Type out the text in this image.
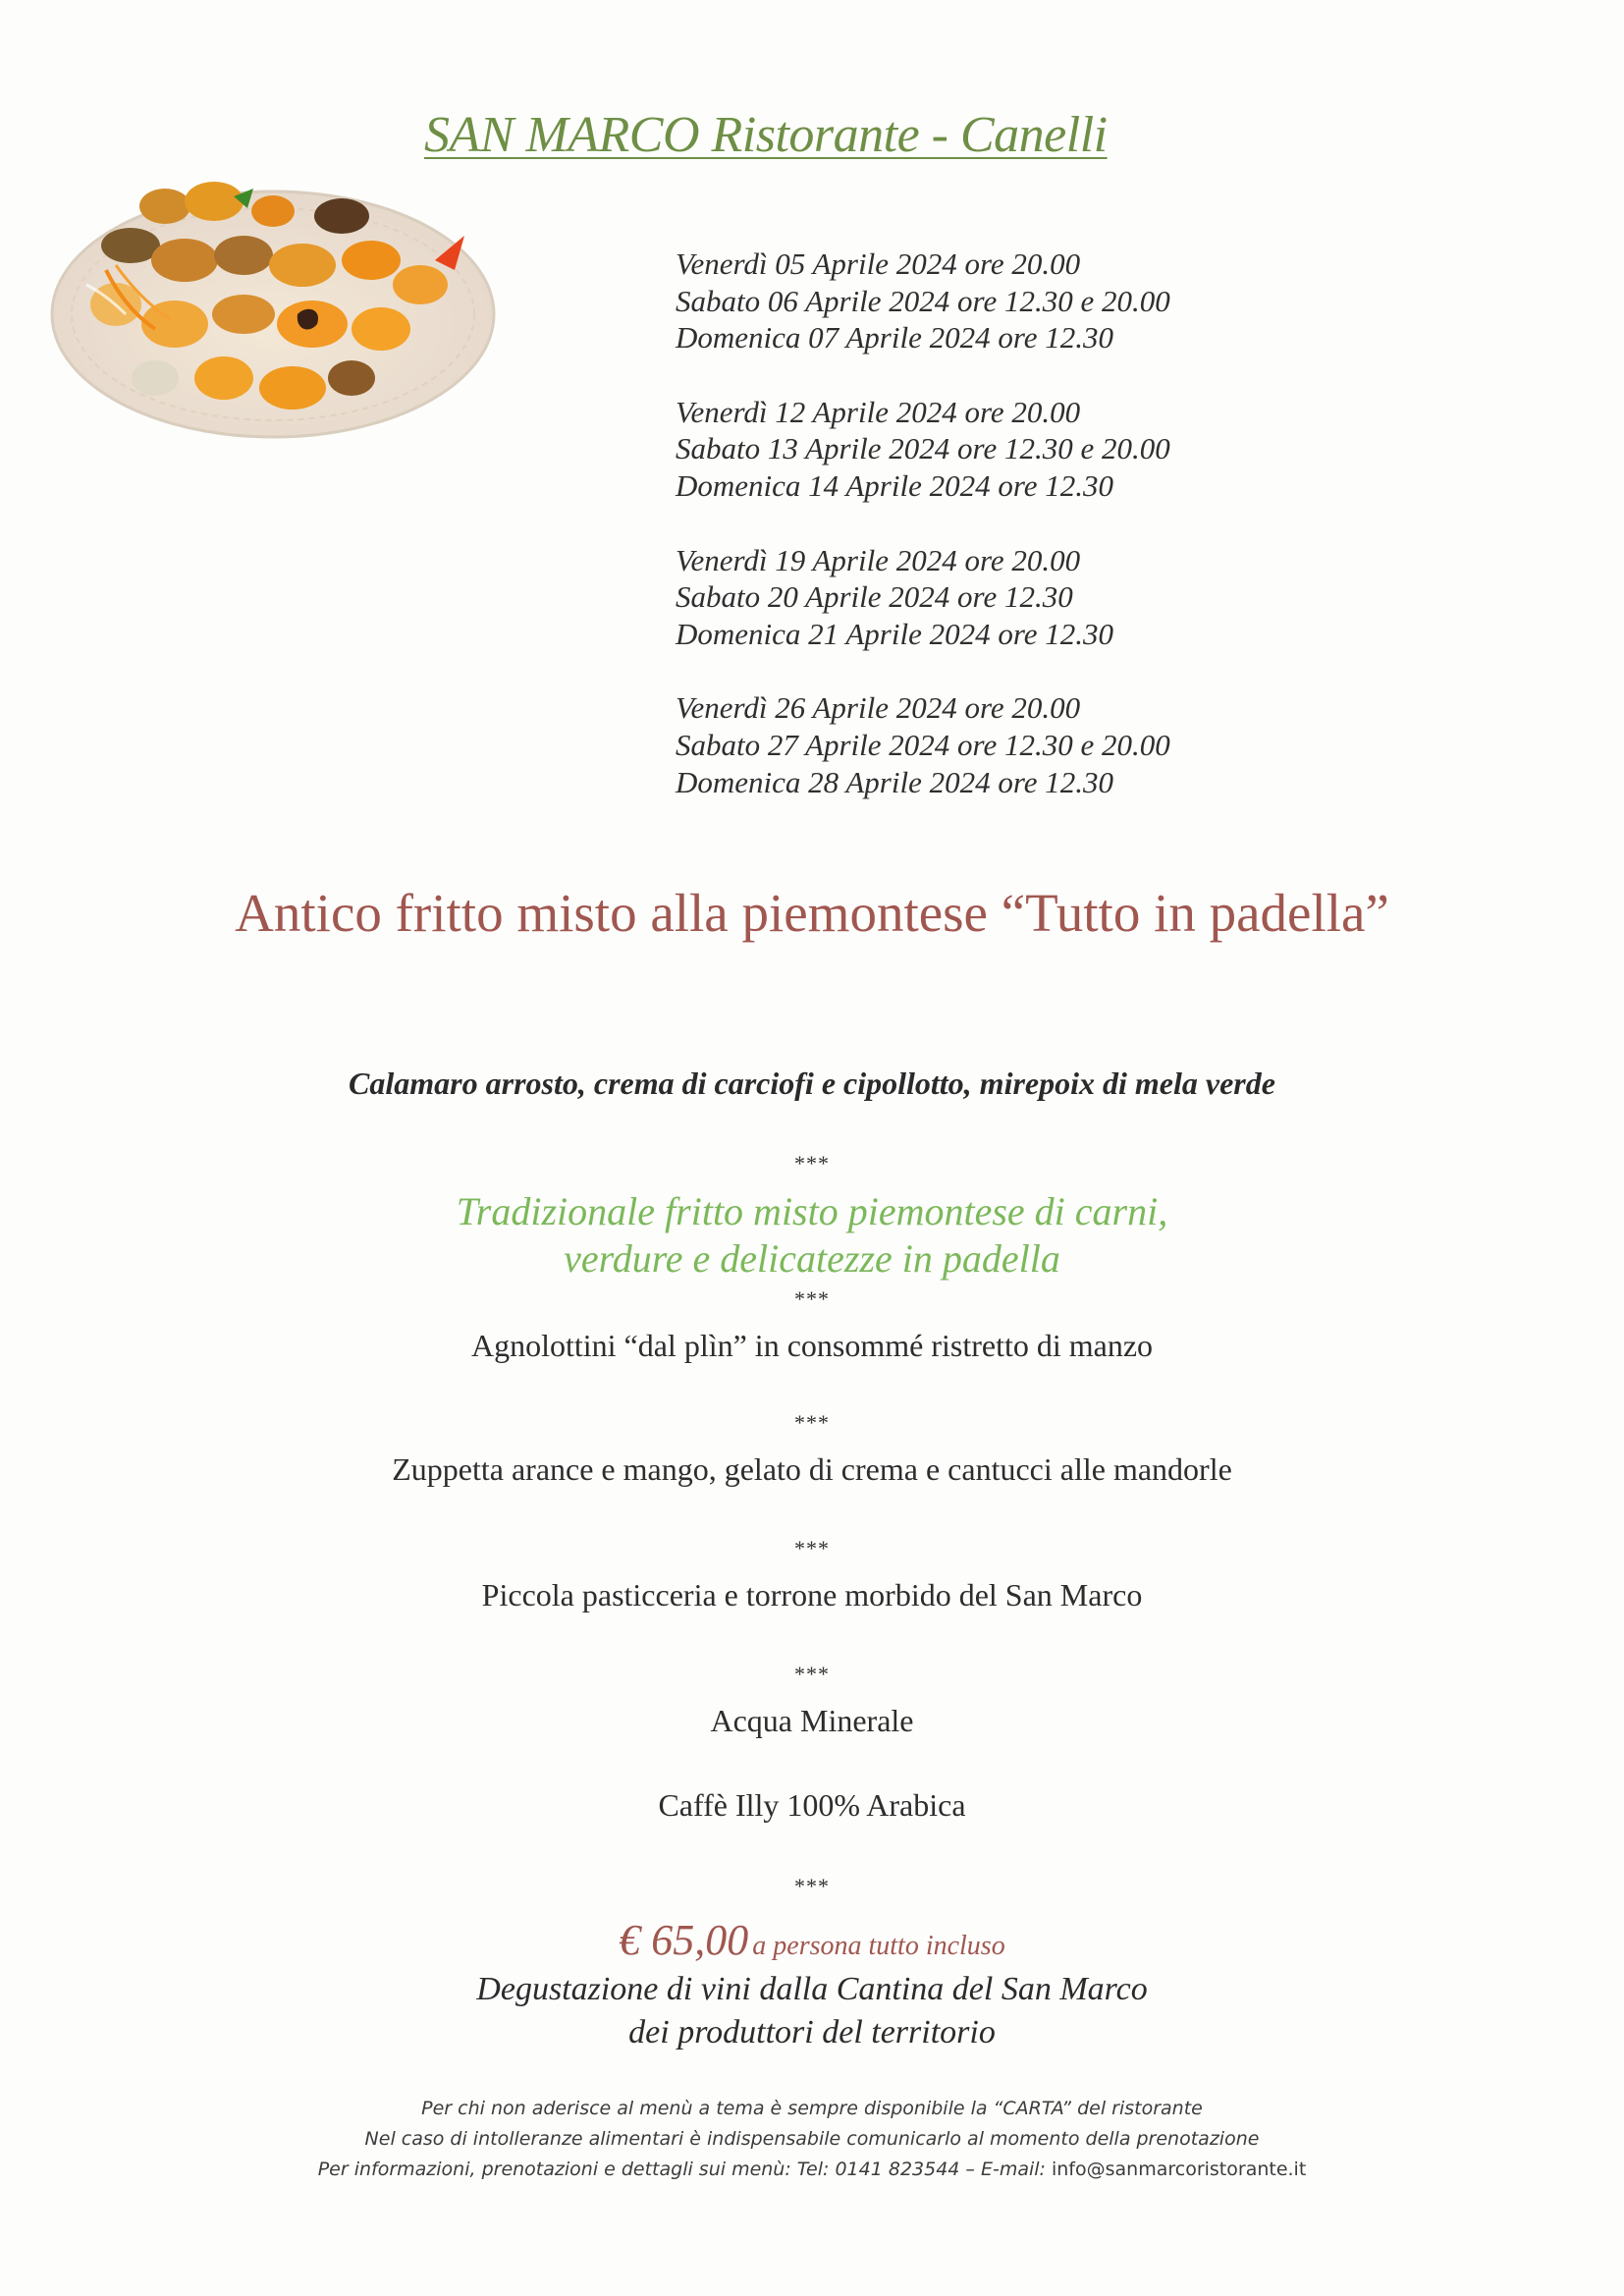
SAN MARCO Ristorante - Canelli
Venerdì 05 Aprile 2024 ore 20.00
Sabato 06 Aprile 2024 ore 12.30 e 20.00
Domenica 07 Aprile 2024 ore 12.30
Venerdì 12 Aprile 2024 ore 20.00
Sabato 13 Aprile 2024 ore 12.30 e 20.00
Domenica 14 Aprile 2024 ore 12.30
Venerdì 19 Aprile 2024 ore 20.00
Sabato 20 Aprile 2024 ore 12.30
Domenica 21 Aprile 2024 ore 12.30
Venerdì 26 Aprile 2024 ore 20.00
Sabato 27 Aprile 2024 ore 12.30 e 20.00
Domenica 28 Aprile 2024 ore 12.30
Antico fritto misto alla piemontese “Tutto in padella”
Calamaro arrosto, crema di carciofi e cipollotto, mirepoix di mela verde
***
Tradizionale fritto misto piemontese di carni,
verdure e delicatezze in padella
***
Agnolottini “dal plìn” in consommé ristretto di manzo
***
Zuppetta arance e mango, gelato di crema e cantucci alle mandorle
***
Piccola pasticceria e torrone morbido del San Marco
***
Acqua Minerale
Caffè Illy 100% Arabica
***
€ 65,00 a persona tutto incluso
Degustazione di vini dalla Cantina del San Marco
dei produttori del territorio
Per chi non aderisce al menù a tema è sempre disponibile la “CARTA” del ristorante
Nel caso di intolleranze alimentari è indispensabile comunicarlo al momento della prenotazione
Per informazioni, prenotazioni e dettagli sui menù: Tel: 0141 823544 – E-mail: info@sanmarcoristorante.it
